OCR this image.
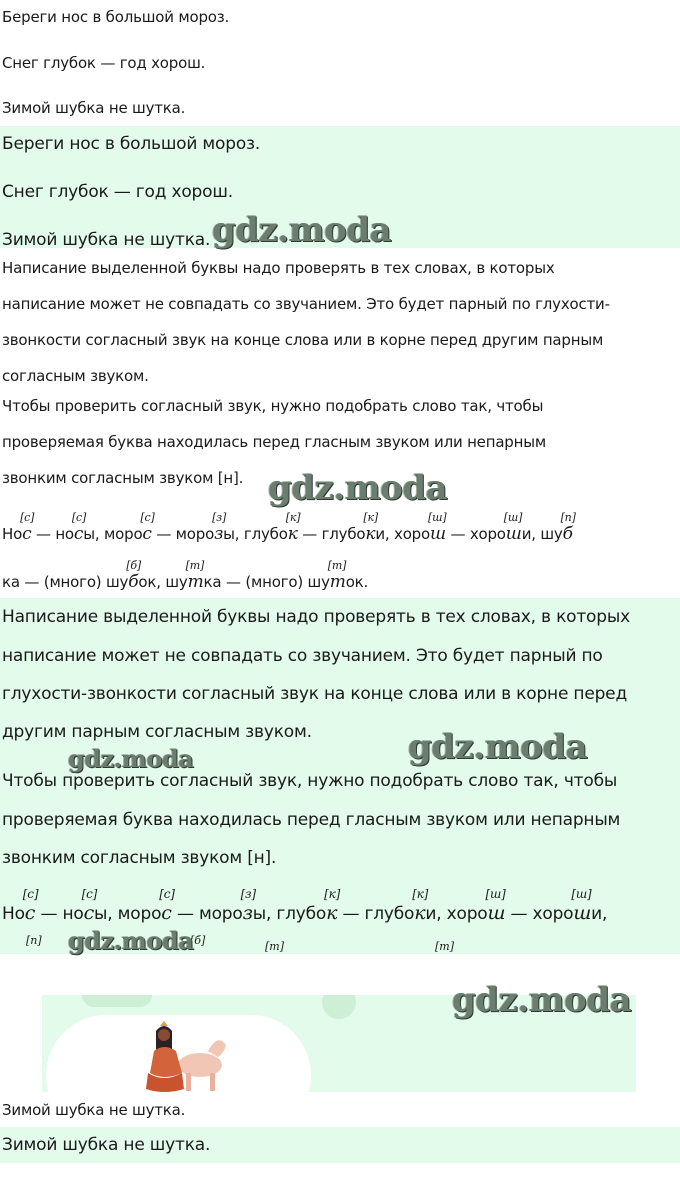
Береги нос в большой мороз.
Снег глубок — год хорош.
Зимой шубка не шутка.
Береги нос в большой мороз.
Снег глубок — год хорош.
Зимой шубка не шутка. gdz.moda
Написание выделенной буквы надо проверять в тех словах, в которых
написание может не совпадать со звучанием. Это будет парный по глухости-
звонкости согласный звук на конце слова или в корне перед другим парным
согласным звуком.
Чтобы проверить согласный звук, нужно подобрать слово так, чтобы
проверяемая буква находилась перед гласным звуком или непарным
звонким согласным звуком [н]. gdz.moda
Но
[ с ]
с — но
[ с ]
сы, моро
[ с ]
с — моро
[ з ]
зы, глубо
[ к ]
к — глубо
[ к ]
ки, хоро
[ ш ]
ш — хоро
[ ш ]
ши, шу
[ п ]
б
ка — (много) шу
[ б ]
бок, шу
[ т ]
тка — (много) шу
[ т ]
ток.
Написание выделенной буквы надо проверять в тех словах, в которых
написание может не совпадать со звучанием. Это будет парный по
глухости-звонкости согласный звук на конце слова или в корне перед
другим парным согласным звуком.
Чтобы проверить согласный звук, нужно подобрать слово так, чтобы
проверяемая буква находилась перед гласным звуком или непарным
звонким согласным звуком [н].
gdz.moda	gdz.moda
Но
[ с ]
с — но
[ с ]
сы, моро
[ с ]
с — моро
[ з ]
зы, глубо
[ к ]
к — глубо
[ к ]
ки, хоро
[ ш ]
ш — хоро
[ ш ]
ши,
[п]	[б]	[т]	[т]
gdz.moda
gdz.moda
Зимой шубка не шутка.
Зимой шубка не шутка.
